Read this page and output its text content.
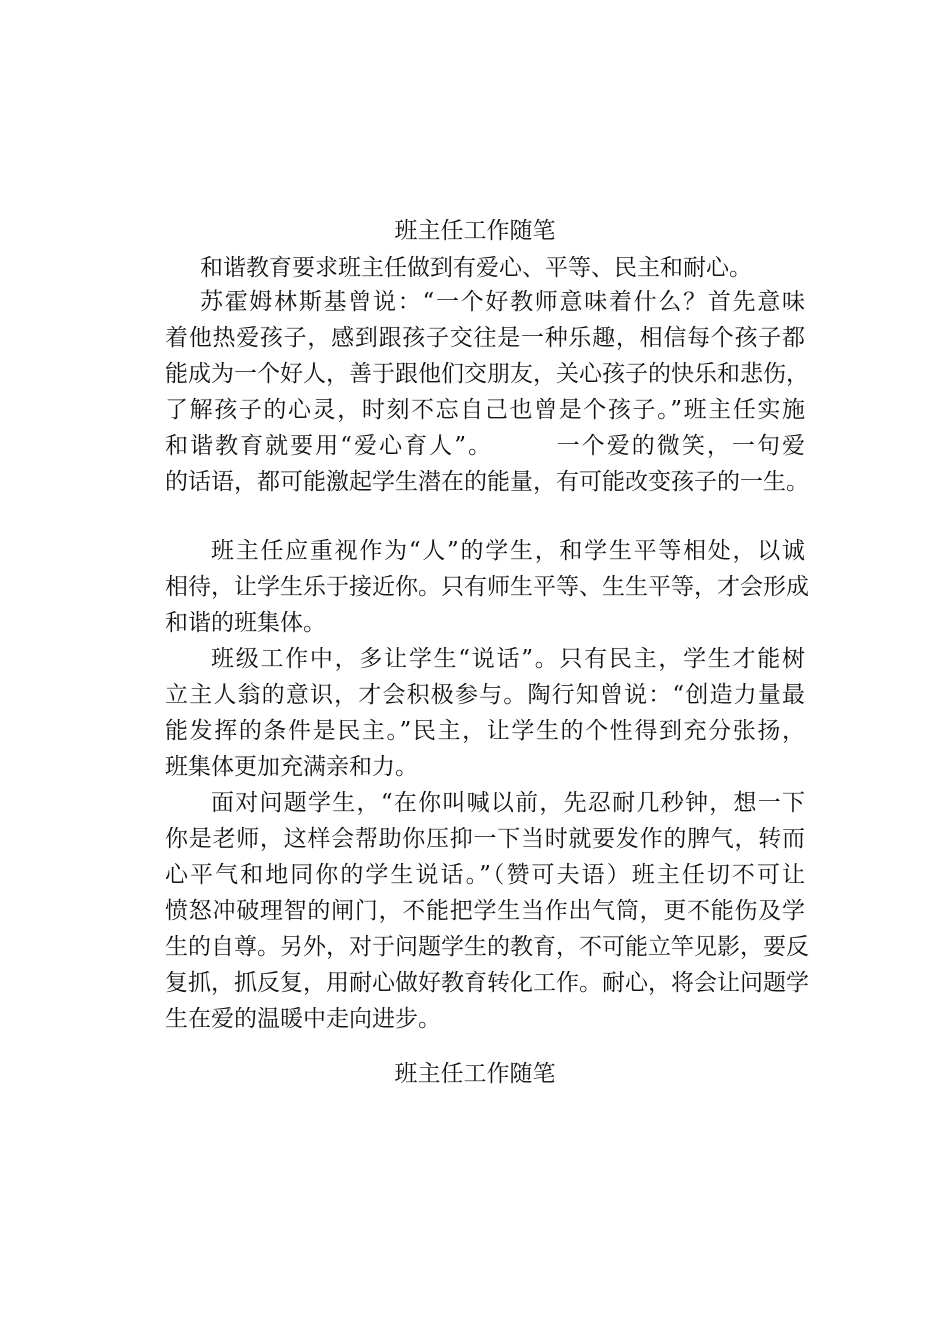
班主任工作随笔
和谐教育要求班主任做到有爱心、平等、民主和耐心。
苏霍姆林斯基曾说：“一个好教师意味着什么？首先意味
着他热爱孩子，感到跟孩子交往是一种乐趣，相信每个孩子都
能成为一个好人，善于跟他们交朋友，关心孩子的快乐和悲伤，
了解孩子的心灵，时刻不忘自己也曾是个孩子。”班主任实施
和谐教育就要用“爱心育人”。　　　一个爱的微笑，一句爱
的话语，都可能激起学生潜在的能量，有可能改变孩子的一生。
班主任应重视作为“人”的学生，和学生平等相处，以诚
相待，让学生乐于接近你。只有师生平等、生生平等，才会形成
和谐的班集体。
班级工作中，多让学生“说话”。只有民主，学生才能树
立主人翁的意识，才会积极参与。陶行知曾说：“创造力量最
能发挥的条件是民主。”民主，让学生的个性得到充分张扬，
班集体更加充满亲和力。
面对问题学生，“在你叫喊以前，先忍耐几秒钟，想一下
你是老师，这样会帮助你压抑一下当时就要发作的脾气，转而
心平气和地同你的学生说话。”（赞可夫语）班主任切不可让
愤怒冲破理智的闸门，不能把学生当作出气筒，更不能伤及学
生的自尊。另外，对于问题学生的教育，不可能立竿见影，要反
复抓，抓反复，用耐心做好教育转化工作。耐心，将会让问题学
生在爱的温暖中走向进步。
班主任工作随笔
